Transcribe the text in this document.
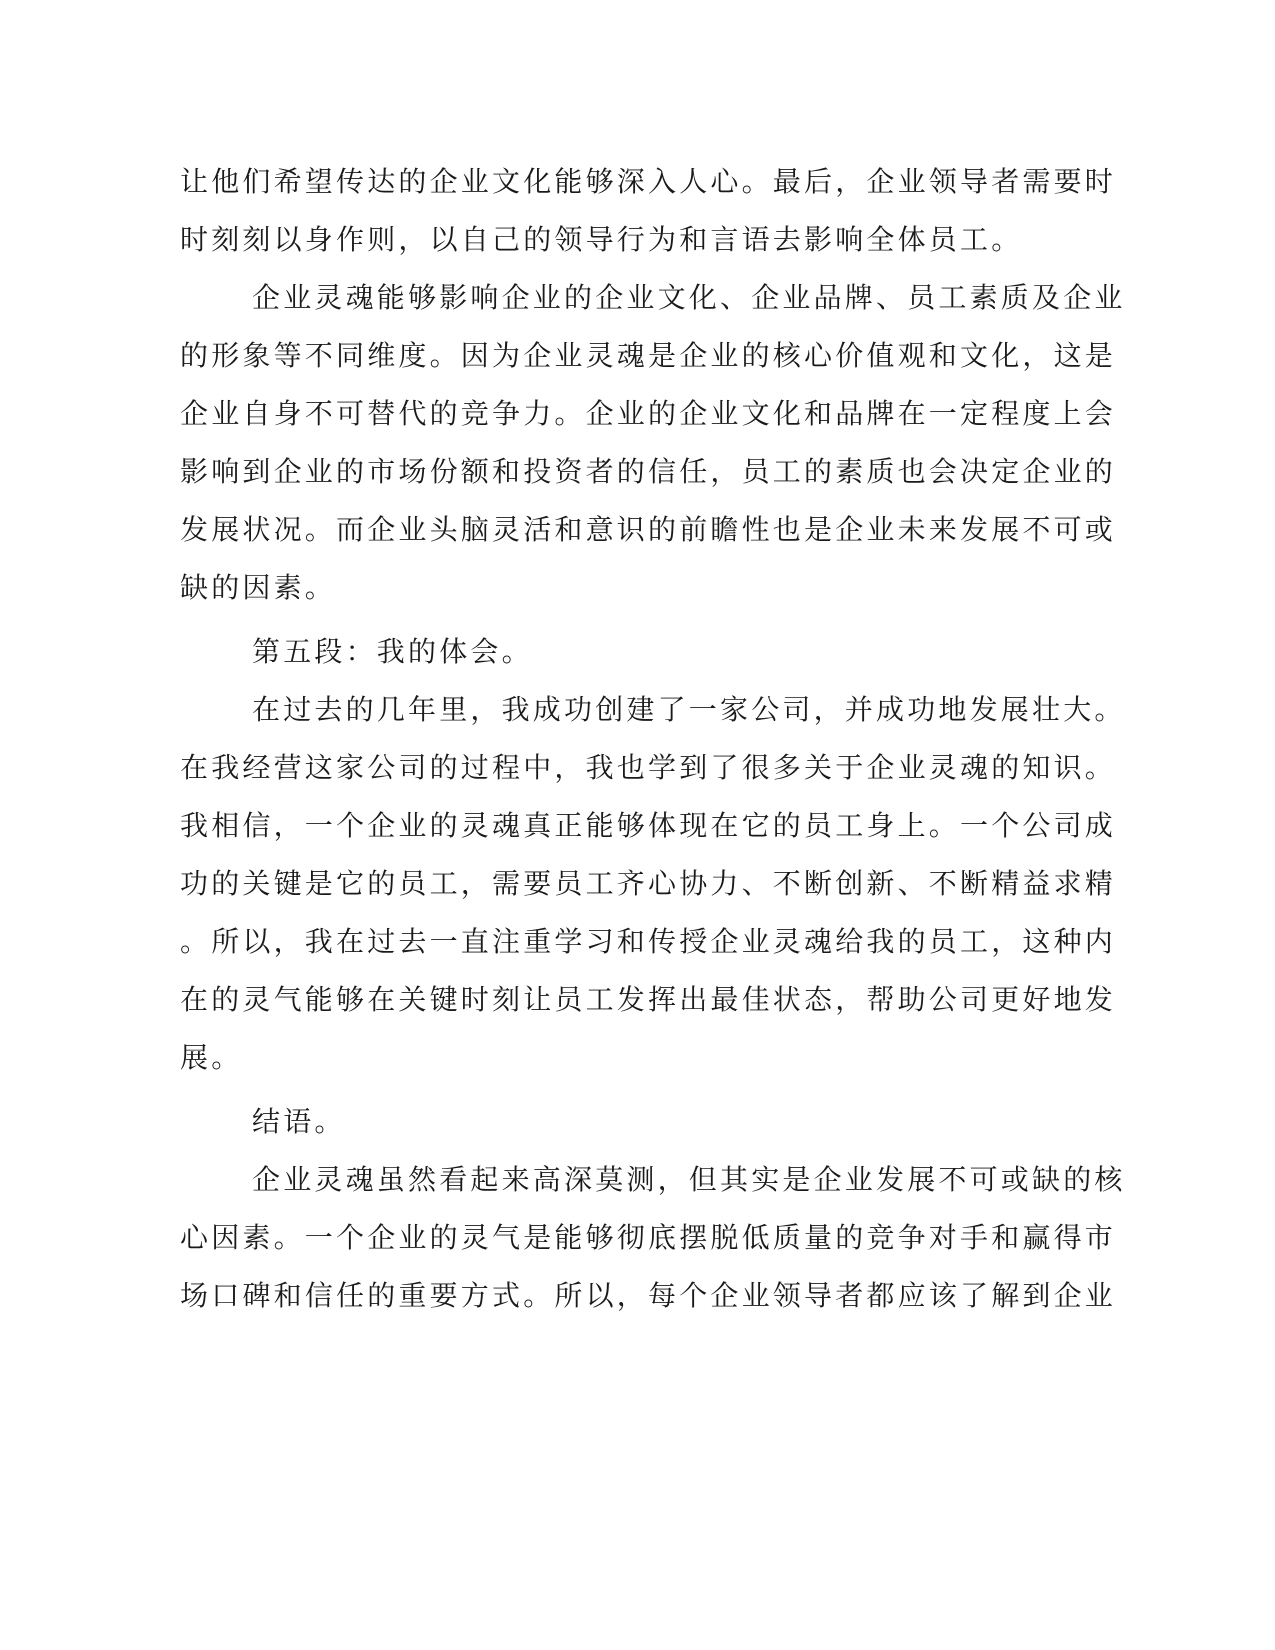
让他们希望传达的企业文化能够深入人心。最后，企业领导者需要时

时刻刻以身作则，以自己的领导行为和言语去影响全体员工。

企业灵魂能够影响企业的企业文化、企业品牌、员工素质及企业

的形象等不同维度。因为企业灵魂是企业的核心价值观和文化，这是

企业自身不可替代的竞争力。企业的企业文化和品牌在一定程度上会

影响到企业的市场份额和投资者的信任，员工的素质也会决定企业的

发展状况。而企业头脑灵活和意识的前瞻性也是企业未来发展不可或

缺的因素。

第五段：我的体会。

在过去的几年里，我成功创建了一家公司，并成功地发展壮大。

在我经营这家公司的过程中，我也学到了很多关于企业灵魂的知识。

我相信，一个企业的灵魂真正能够体现在它的员工身上。一个公司成

功的关键是它的员工，需要员工齐心协力、不断创新、不断精益求精

。所以，我在过去一直注重学习和传授企业灵魂给我的员工，这种内

在的灵气能够在关键时刻让员工发挥出最佳状态，帮助公司更好地发

展。

结语。

企业灵魂虽然看起来高深莫测，但其实是企业发展不可或缺的核

心因素。一个企业的灵气是能够彻底摆脱低质量的竞争对手和赢得市

场口碑和信任的重要方式。所以，每个企业领导者都应该了解到企业
